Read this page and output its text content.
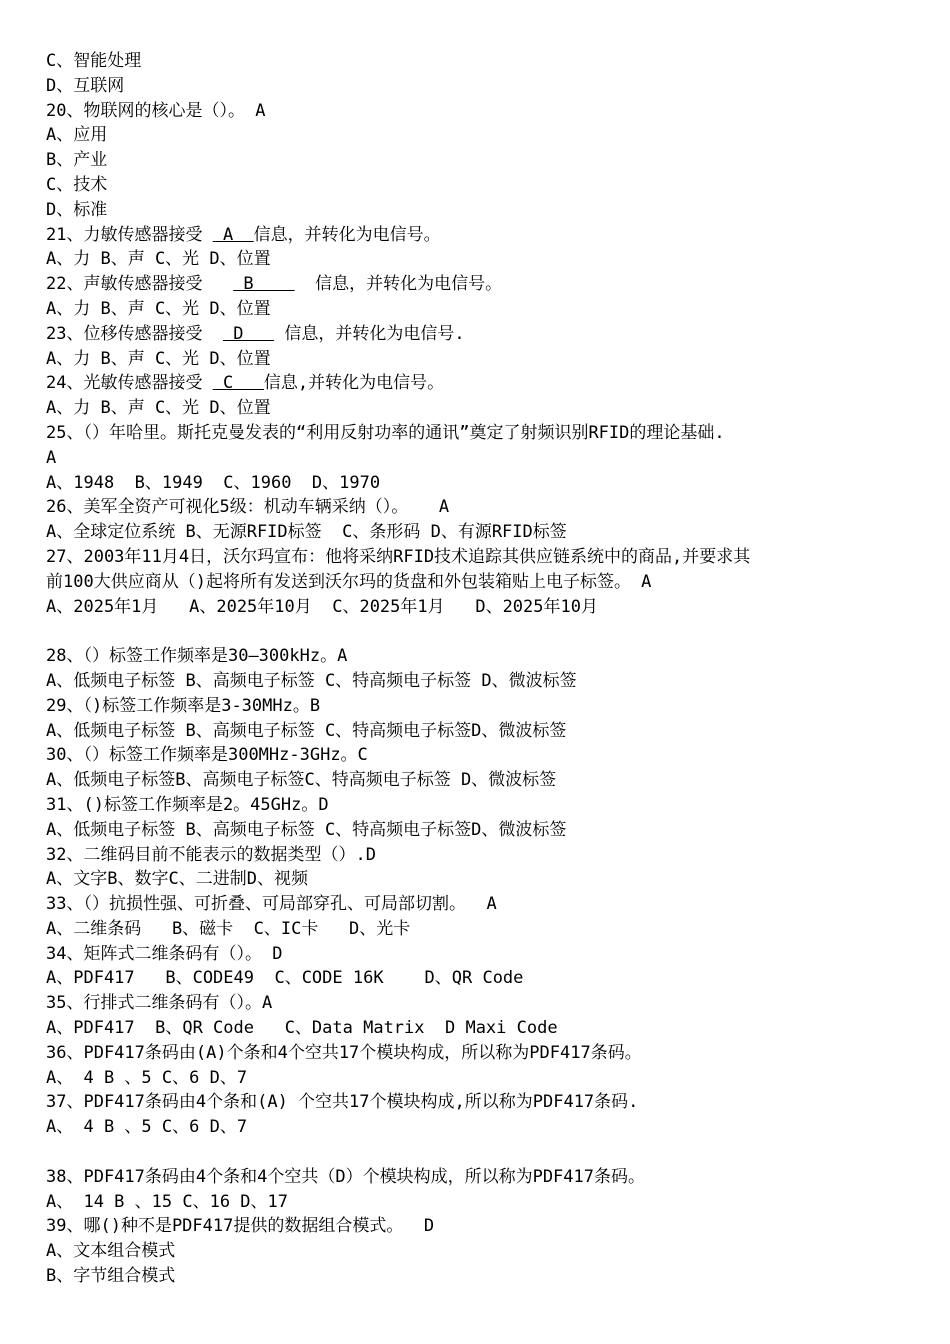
C、智能处理
D、互联网
20、物联网的核心是（）。 A
A、应用
B、产业
C、技术
D、标准
21、力敏传感器接受  A  信息，并转化为电信号。
A、力 B、声 C、光 D、位置
22、声敏传感器接受    B      信息，并转化为电信号。
A、力 B、声 C、光 D、位置
23、位移传感器接受   D    信息，并转化为电信号.
A、力 B、声 C、光 D、位置
24、光敏传感器接受  C   信息,并转化为电信号。
A、力 B、声 C、光 D、位置
25、（）年哈里。斯托克曼发表的“利用反射功率的通讯”奠定了射频识别RFID的理论基础.
A
A、1948  B、1949  C、1960  D、1970
26、美军全资产可视化5级：机动车辆采纳（）。   A
A、全球定位系统 B、无源RFID标签  C、条形码 D、有源RFID标签
27、2003年11月4日，沃尔玛宣布：他将采纳RFID技术追踪其供应链系统中的商品,并要求其
前100大供应商从（)起将所有发送到沃尔玛的货盘和外包装箱贴上电子标签。 A
A、2025年1月   A、2025年10月  C、2025年1月   D、2025年10月
28、（）标签工作频率是30—300kHz。A
A、低频电子标签 B、高频电子标签 C、特高频电子标签 D、微波标签
29、（)标签工作频率是3-30MHz。B
A、低频电子标签 B、高频电子标签 C、特高频电子标签D、微波标签
30、（）标签工作频率是300MHz-3GHz。C
A、低频电子标签B、高频电子标签C、特高频电子标签 D、微波标签
31、()标签工作频率是2。45GHz。D
A、低频电子标签 B、高频电子标签 C、特高频电子标签D、微波标签
32、二维码目前不能表示的数据类型（）.D
A、文字B、数字C、二进制D、视频
33、（）抗损性强、可折叠、可局部穿孔、可局部切割。  A
A、二维条码   B、磁卡  C、IC卡   D、光卡
34、矩阵式二维条码有（）。 D
A、PDF417   B、CODE49  C、CODE 16K    D、QR Code
35、行排式二维条码有（）。A
A、PDF417  B、QR Code   C、Data Matrix  D Maxi Code
36、PDF417条码由(A)个条和4个空共17个模块构成，所以称为PDF417条码。
A、 4 B 、5 C、6 D、7
37、PDF417条码由4个条和(A) 个空共17个模块构成,所以称为PDF417条码.
A、 4 B 、5 C、6 D、7
38、PDF417条码由4个条和4个空共（D）个模块构成，所以称为PDF417条码。
A、 14 B 、15 C、16 D、17
39、哪()种不是PDF417提供的数据组合模式。  D
A、文本组合模式
B、字节组合模式
